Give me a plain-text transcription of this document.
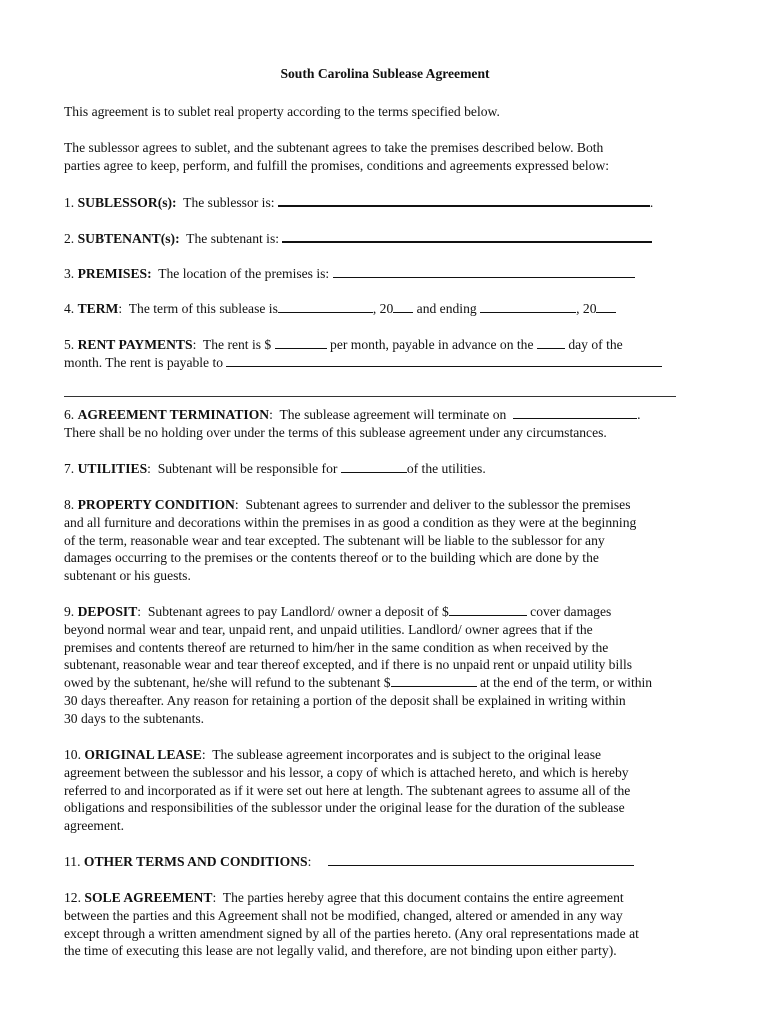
South Carolina Sublease Agreement
This agreement is to sublet real property according to the terms specified below.
The sublessor agrees to sublet, and the subtenant agrees to take the premises described below. Both
parties agree to keep, perform, and fulfill the promises, conditions and agreements expressed below:
1. SUBLESSOR(s): The sublessor is:	.
2. SUBTENANT(s): The subtenant is:
3. PREMISES: The location of the premises is:
4. TERM: The term of this sublease is	, 20 and ending	, 20
5. RENT PAYMENTS: The rent is $	per month, payable in advance on the	day of the
month. The rent is payable to
6. AGREEMENT TERMINATION: The sublease agreement will terminate on	.
There shall be no holding over under the terms of this sublease agreement under any circumstances.
7. UTILITIES: Subtenant will be responsible for	of the utilities.
8. PROPERTY CONDITION: Subtenant agrees to surrender and deliver to the sublessor the premises
and all furniture and decorations within the premises in as good a condition as they were at the beginning
of the term, reasonable wear and tear excepted. The subtenant will be liable to the sublessor for any
damages occurring to the premises or the contents thereof or to the building which are done by the
subtenant or his guests.
9. DEPOSIT: Subtenant agrees to pay Landlord/ owner a deposit of $	cover damages
beyond normal wear and tear, unpaid rent, and unpaid utilities. Landlord/ owner agrees that if the
premises and contents thereof are returned to him/her in the same condition as when received by the
subtenant, reasonable wear and tear thereof excepted, and if there is no unpaid rent or unpaid utility bills
owed by the subtenant, he/she will refund to the subtenant $	at the end of the term, or within
30 days thereafter. Any reason for retaining a portion of the deposit shall be explained in writing within
30 days to the subtenants.
10. ORIGINAL LEASE: The sublease agreement incorporates and is subject to the original lease
agreement between the sublessor and his lessor, a copy of which is attached hereto, and which is hereby
referred to and incorporated as if it were set out here at length. The subtenant agrees to assume all of the
obligations and responsibilities of the sublessor under the original lease for the duration of the sublease
agreement.
11. OTHER TERMS AND CONDITIONS:
12. SOLE AGREEMENT: The parties hereby agree that this document contains the entire agreement
between the parties and this Agreement shall not be modified, changed, altered or amended in any way
except through a written amendment signed by all of the parties hereto. (Any oral representations made at
the time of executing this lease are not legally valid, and therefore, are not binding upon either party).
